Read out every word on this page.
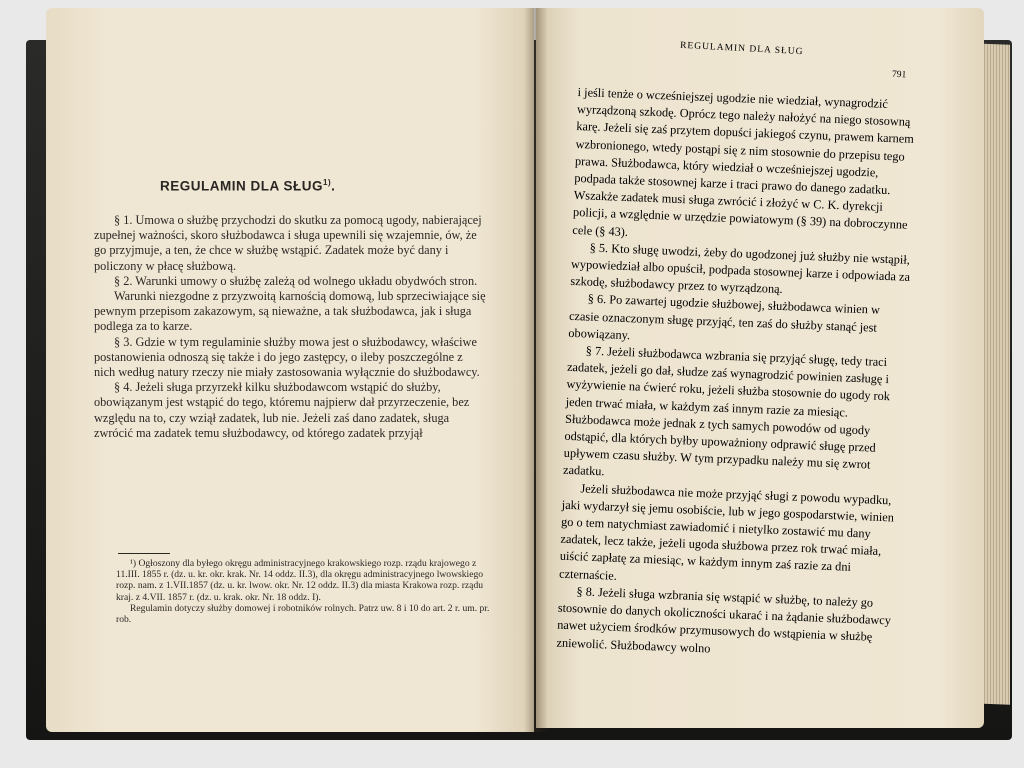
REGULAMIN DLA SŁUG$^{1)}$.

§ 1. Umowa o służbę przychodzi do skutku za pomocą ugody, nabierającej zupełnej ważności, skoro służbodawca i sługa upewnili się wzajemnie, ów, że go przyjmuje, a ten, że chce w służbę wstąpić. Zadatek może być dany i policzony w płacę służbową.

§ 2. Warunki umowy o służbę zależą od wolnego układu obydwóch stron.

Warunki niezgodne z przyzwoitą karnością domową, lub sprzeciwiające się pewnym przepisom zakazowym, są nieważne, a tak służbodawca, jak i sługa podlega za to karze.

§ 3. Gdzie w tym regulaminie służby mowa jest o służbodawcy, właściwe postanowienia odnoszą się także i do jego zastępcy, o ileby poszczególne z nich według natury rzeczy nie miały zastosowania wyłącznie do służbodawcy.

§ 4. Jeżeli sługa przyrzekł kilku służbodawcom wstąpić do służby, obowiązanym jest wstąpić do tego, któremu najpierw dał przyrzeczenie, bez względu na to, czy wziął zadatek, lub nie. Jeżeli zaś dano zadatek, sługa zwrócić ma zadatek temu służbodawcy, od którego zadatek przyjął

¹) Ogłoszony dla byłego okręgu administracyjnego krakowskiego rozp. rządu krajowego z 11.III. 1855 r. (dz. u. kr. okr. krak. Nr. 14 oddz. II.3), dla okręgu administracyjnego lwowskiego rozp. nam. z 1.VII.1857 (dz. u. kr. lwow. okr. Nr. 12 oddz. II.3) dla miasta Krakowa rozp. rządu kraj. z 4.VII. 1857 r. (dz. u. krak. okr. Nr. 18 oddz. I).

Regulamin dotyczy służby domowej i robotników rolnych. Patrz uw. 8 i 10 do art. 2 r. um. pr. rob.

REGULAMIN DLA SŁUG
791

i jeśli tenże o wcześniejszej ugodzie nie wiedział, wynagrodzić wyrządzoną szkodę. Oprócz tego należy nałożyć na niego stosowną karę. Jeżeli się zaś przytem dopuści jakiegoś czynu, prawem karnem wzbronionego, wtedy postąpi się z nim stosownie do przepisu tego prawa. Służbodawca, który wiedział o wcześniejszej ugodzie, podpada także stosownej karze i traci prawo do danego zadatku. Wszakże zadatek musi sługa zwrócić i złożyć w C. K. dyrekcji policji, a względnie w urzędzie powiatowym (§ 39) na dobroczynne cele (§ 43).

§ 5. Kto sługę uwodzi, żeby do ugodzonej już służby nie wstąpił, wypowiedział albo opuścił, podpada stosownej karze i odpowiada za szkodę, służbodawcy przez to wyrządzoną.

§ 6. Po zawartej ugodzie służbowej, służbodawca winien w czasie oznaczonym sługę przyjąć, ten zaś do służby stanąć jest obowiązany.

§ 7. Jeżeli służbodawca wzbrania się przyjąć sługę, tedy traci zadatek, jeżeli go dał, słudze zaś wynagrodzić powinien zasługę i wyżywienie na ćwierć roku, jeżeli służba stosownie do ugody rok jeden trwać miała, w każdym zaś innym razie za miesiąc. Służbodawca może jednak z tych samych powodów od ugody odstąpić, dla których byłby upoważniony odprawić sługę przed upływem czasu służby. W tym przypadku należy mu się zwrot zadatku.

Jeżeli służbodawca nie może przyjąć sługi z powodu wypadku, jaki wydarzył się jemu osobiście, lub w jego gospodarstwie, winien go o tem natychmiast zawiadomić i nietylko zostawić mu dany zadatek, lecz także, jeżeli ugoda służbowa przez rok trwać miała, uiścić zapłatę za miesiąc, w każdym innym zaś razie za dni czternaście.

§ 8. Jeżeli sługa wzbrania się wstąpić w służbę, to należy go stosownie do danych okoliczności ukarać i na żądanie służbodawcy nawet użyciem środków przymusowych do wstąpienia w służbę zniewolić. Służbodawcy wolno
